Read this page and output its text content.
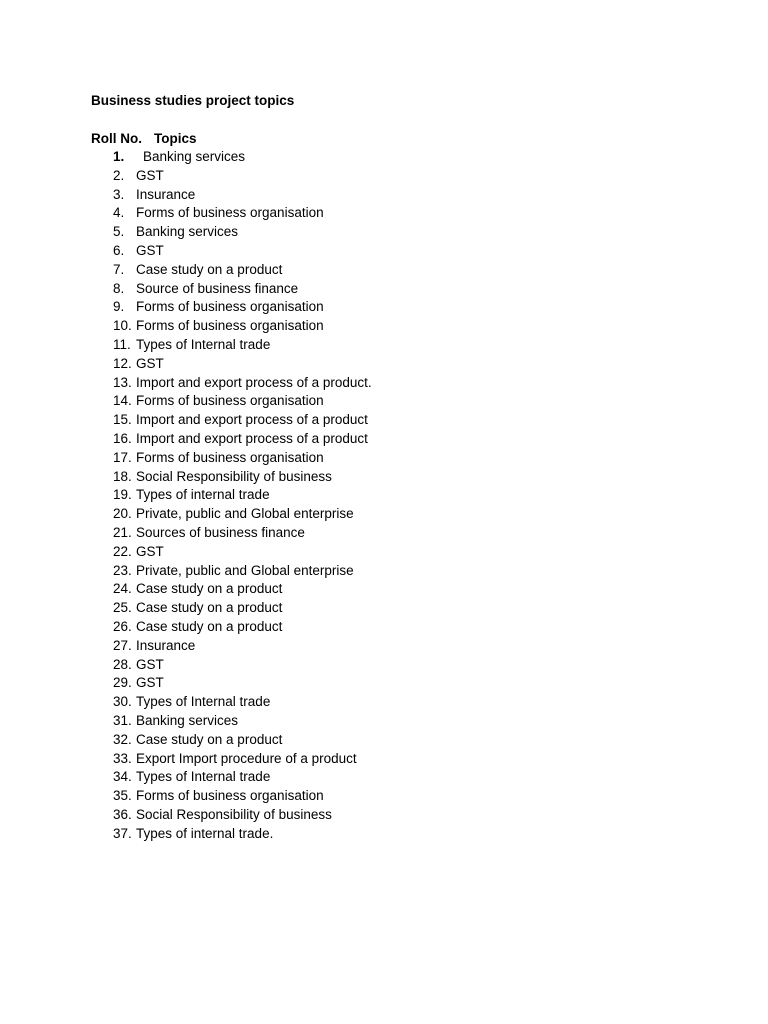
Business studies project topics
Roll No. Topics
1. Banking services
2. GST
3. Insurance
4. Forms of business organisation
5. Banking services
6. GST
7. Case study on a product
8. Source of business finance
9. Forms of business organisation
10. Forms of business organisation
11. Types of Internal trade
12. GST
13. Import and export process of a product.
14. Forms of business organisation
15. Import and export process of a product
16. Import and export process of a product
17. Forms of business organisation
18. Social Responsibility of business
19. Types of internal trade
20. Private, public and Global enterprise
21. Sources of business finance
22. GST
23. Private, public and Global enterprise
24. Case study on a product
25. Case study on a product
26. Case study on a product
27. Insurance
28. GST
29. GST
30. Types of Internal trade
31. Banking services
32. Case study on a product
33. Export Import procedure of a product
34. Types of Internal trade
35. Forms of business organisation
36. Social Responsibility of business
37. Types of internal trade.
